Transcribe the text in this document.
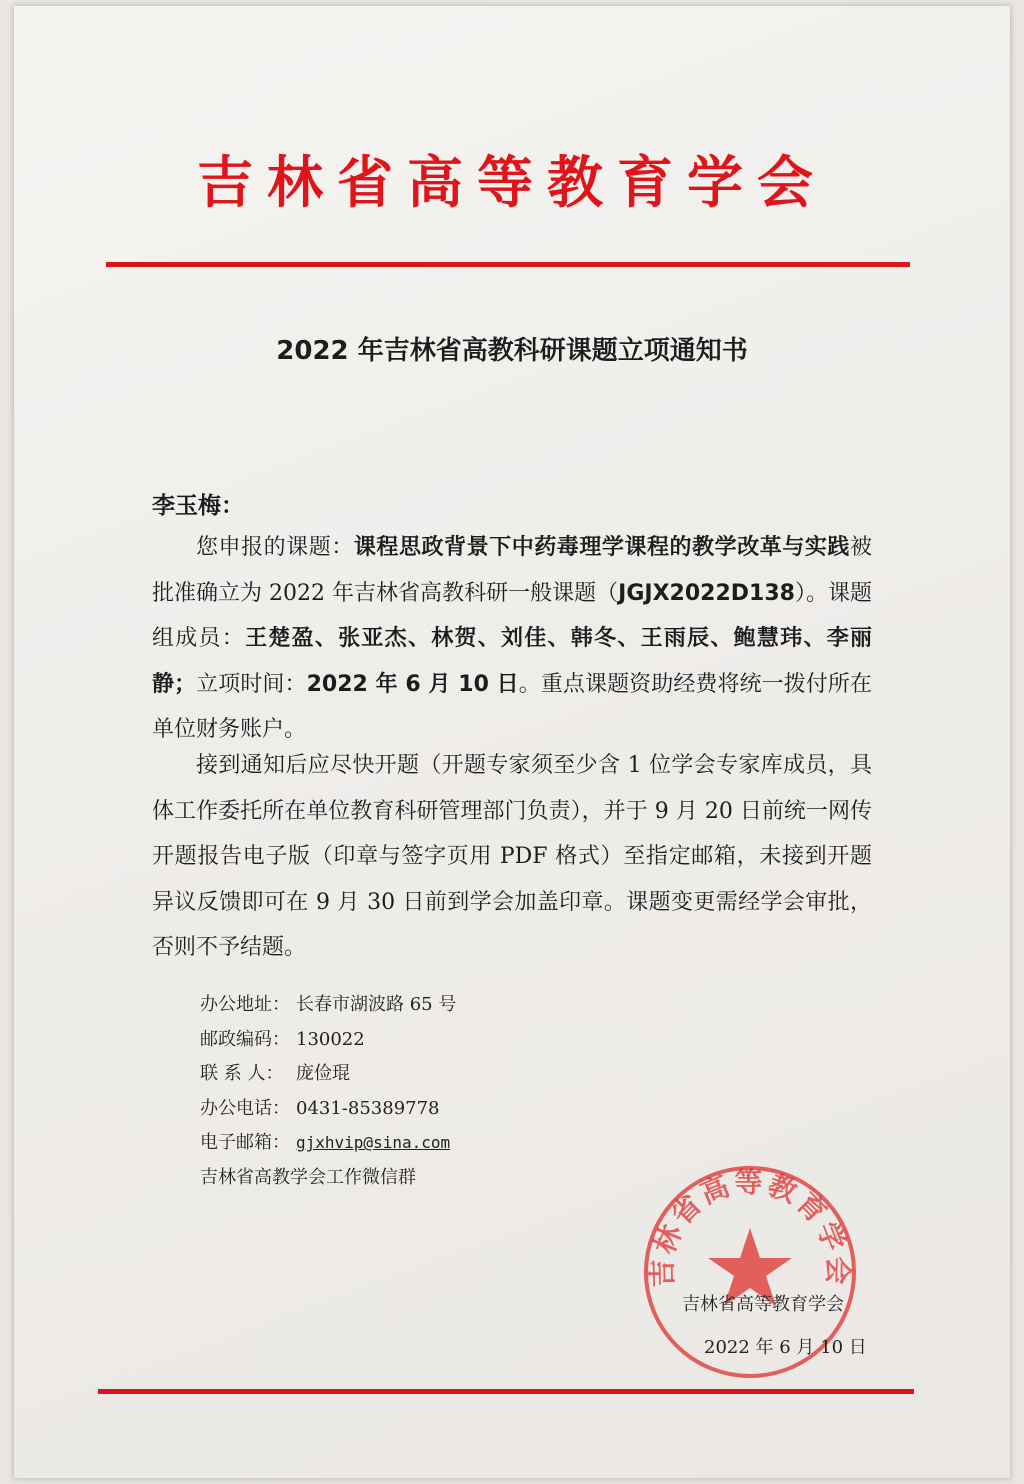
吉林省高等教育学会
2022 年吉林省高教科研课题立项通知书
李玉梅：
您申报的课题：课程思政背景下中药毒理学课程的教学改革与实践被批准确立为 2022 年吉林省高教科研一般课题（JGJX2022D138）。课题组成员：王楚盈、张亚杰、林贺、刘佳、韩冬、王雨辰、鲍慧玮、李丽静；立项时间：2022 年 6 月 10 日。重点课题资助经费将统一拨付所在单位财务账户。
接到通知后应尽快开题（开题专家须至少含 1 位学会专家库成员，具体工作委托所在单位教育科研管理部门负责），并于 9 月 20 日前统一网传开题报告电子版（印章与签字页用 PDF 格式）至指定邮箱，未接到开题异议反馈即可在 9 月 30 日前到学会加盖印章。课题变更需经学会审批，否则不予结题。
办公地址： 长春市湖波路 65 号
邮政编码： 130022
联 系 人： 庞俭琨
办公电话： 0431-85389778
电子邮箱： gjxhvip@sina.com
吉林省高教学会工作微信群
吉林省高等教育学会
吉林省高等教育学会
2022 年 6 月 10 日
